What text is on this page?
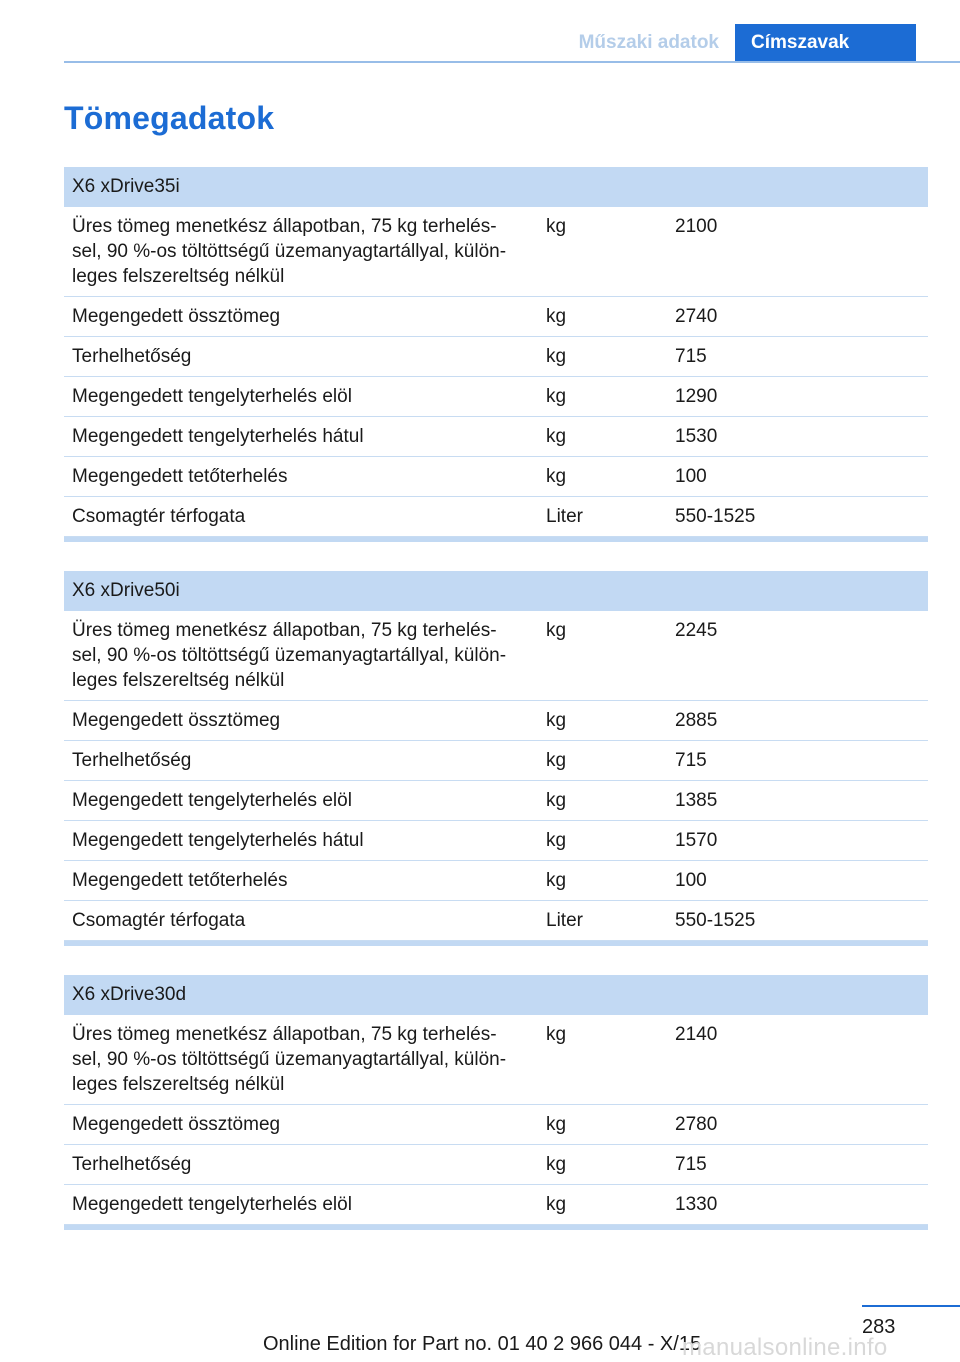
Műszaki adatok	Címszavak
Tömegadatok
X6 xDrive35i
Üres tömeg menetkész állapotban, 75 kg terhelés-
sel, 90 %-os töltöttségű üzemanyagtartállyal, külön-
leges felszereltség nélkül
kg	2100
Megengedett össztömeg	kg	2740
Terhelhetőség	kg	715
Megengedett tengelyterhelés elöl	kg	1290
Megengedett tengelyterhelés hátul	kg	1530
Megengedett tetőterhelés	kg	100
Csomagtér térfogata	Liter	550-1525
X6 xDrive50i
Üres tömeg menetkész állapotban, 75 kg terhelés-
sel, 90 %-os töltöttségű üzemanyagtartállyal, külön-
leges felszereltség nélkül
kg	2245
Megengedett össztömeg	kg	2885
Terhelhetőség	kg	715
Megengedett tengelyterhelés elöl	kg	1385
Megengedett tengelyterhelés hátul	kg	1570
Megengedett tetőterhelés	kg	100
Csomagtér térfogata	Liter	550-1525
X6 xDrive30d
Üres tömeg menetkész állapotban, 75 kg terhelés-
sel, 90 %-os töltöttségű üzemanyagtartállyal, külön-
leges felszereltség nélkül
kg	2140
Megengedett össztömeg	kg	2780
Terhelhetőség	kg	715
Megengedett tengelyterhelés elöl	kg	1330
283
Online Edition for Part no. 01 40 2 966 044 - X/15
manualsonline.info
